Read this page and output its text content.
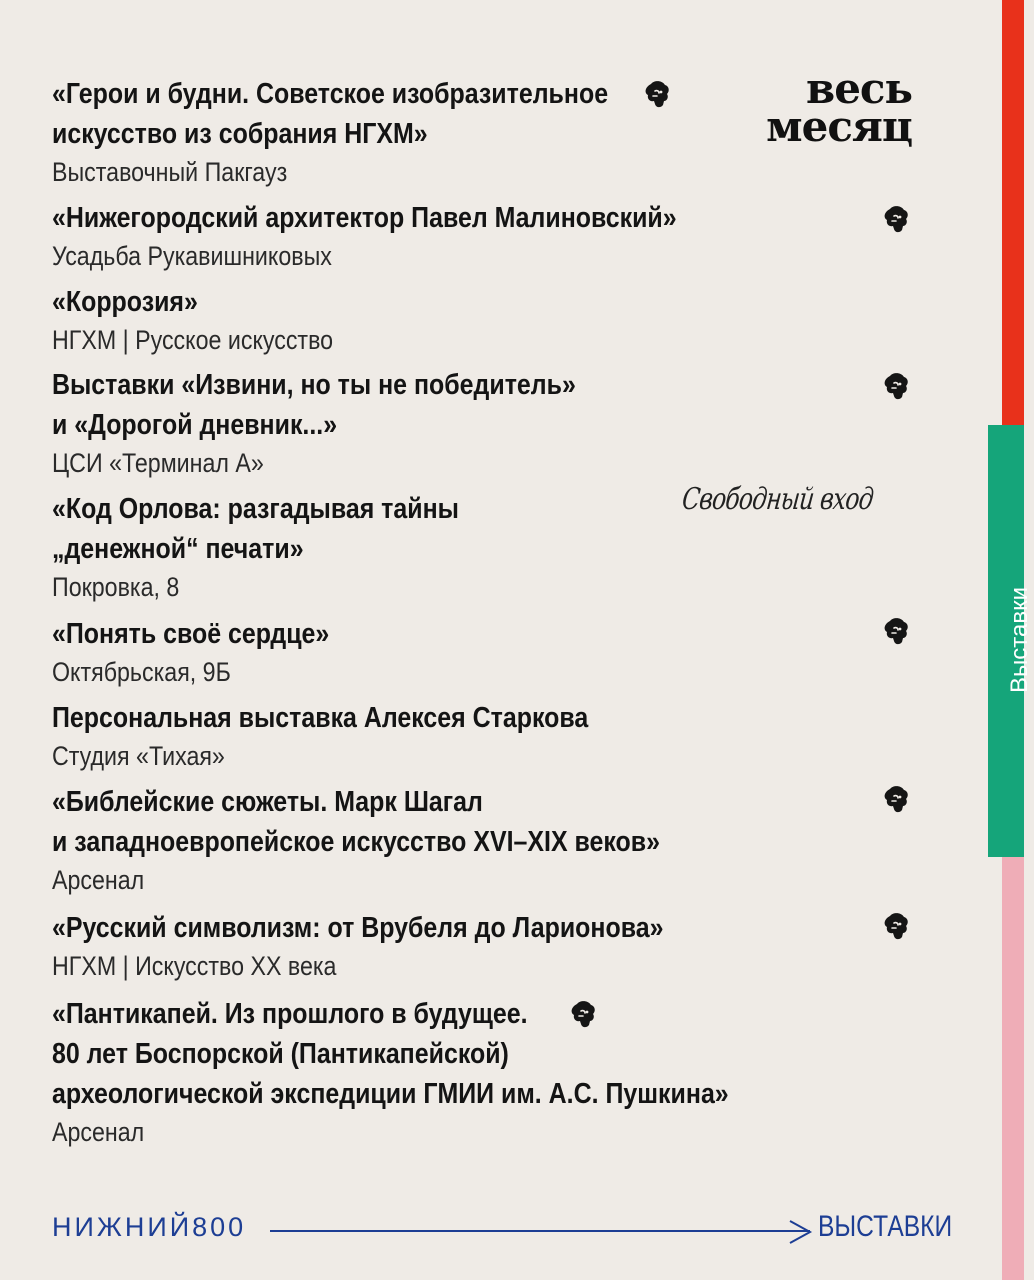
Выставки
весь
месяц
«Герои и будни. Советское изобразительное
искусство из собрания НГХМ»
Выставочный Пакгауз
«Нижегородский архитектор Павел Малиновский»
Усадьба Рукавишниковых
«Коррозия»
НГХМ | Русское искусство
Выставки «Извини, но ты не победитель»
и «Дорогой дневник...»
ЦСИ «Терминал А»
«Код Орлова: разгадывая тайны
„денежной“ печати»
Покровка, 8
«Понять своё сердце»
Октябрьская, 9Б
Персональная выставка Алексея Старкова
Студия «Тихая»
«Библейские сюжеты. Марк Шагал
и западноевропейское искусство XVI–XIX веков»
Арсенал
«Русский символизм: от Врубеля до Ларионова»
НГХМ | Искусство XX века
«Пантикапей. Из прошлого в будущее.
80 лет Боспорской (Пантикапейской)
археологической экспедиции ГМИИ им. А.С. Пушкина»
Арсенал
Свободный вход
НИЖНИЙ800	ВЫСТАВКИ
